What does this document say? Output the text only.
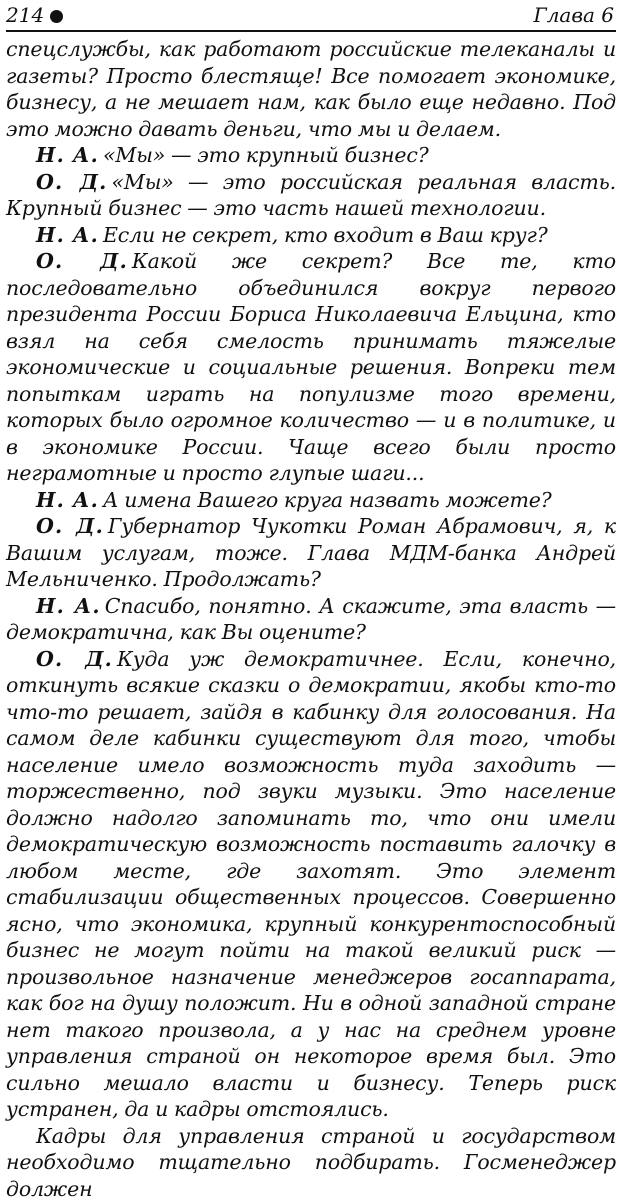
214	Глава 6

спецслужбы, как работают российские телеканалы и газеты? Просто блестяще! Все помогает экономике, бизнесу, а не мешает нам, как было еще недавно. Под это можно давать деньги, что мы и делаем.

Н. А. «Мы» — это крупный бизнес?

О. Д. «Мы» — это российская реальная власть. Крупный бизнес — это часть нашей технологии.

Н. А. Если не секрет, кто входит в Ваш круг?

О. Д. Какой же секрет? Все те, кто последовательно объединился вокруг первого президента России Бориса Николаевича Ельцина, кто взял на себя смелость принимать тяжелые экономические и социальные решения. Вопреки тем попыткам играть на популизме того времени, которых было огромное количество — и в политике, и в экономике России. Чаще всего были просто неграмотные и просто глупые шаги...

Н. А. А имена Вашего круга назвать можете?

О. Д. Губернатор Чукотки Роман Абрамович, я, к Вашим услугам, тоже. Глава МДМ-банка Андрей Мельниченко. Продолжать?

Н. А. Спасибо, понятно. А скажите, эта власть — демократична, как Вы оцените?

О. Д. Куда уж демократичнее. Если, конечно, откинуть всякие сказки о демократии, якобы кто-то что-то решает, зайдя в кабинку для голосования. На самом деле кабинки существуют для того, чтобы население имело возможность туда заходить — торжественно, под звуки музыки. Это население должно надолго запоминать то, что они имели демократическую возможность поставить галочку в любом месте, где захотят. Это элемент стабилизации общественных процессов. Совершенно ясно, что экономика, крупный конкурентоспособный бизнес не могут пойти на такой великий риск — произвольное назначение менеджеров госаппарата, как бог на душу положит. Ни в одной западной стране нет такого произвола, а у нас на среднем уровне управления страной он некоторое время был. Это сильно мешало власти и бизнесу. Теперь риск устранен, да и кадры отстоялись.

Кадры для управления страной и государством необходимо тщательно подбирать. Госменеджер должен
